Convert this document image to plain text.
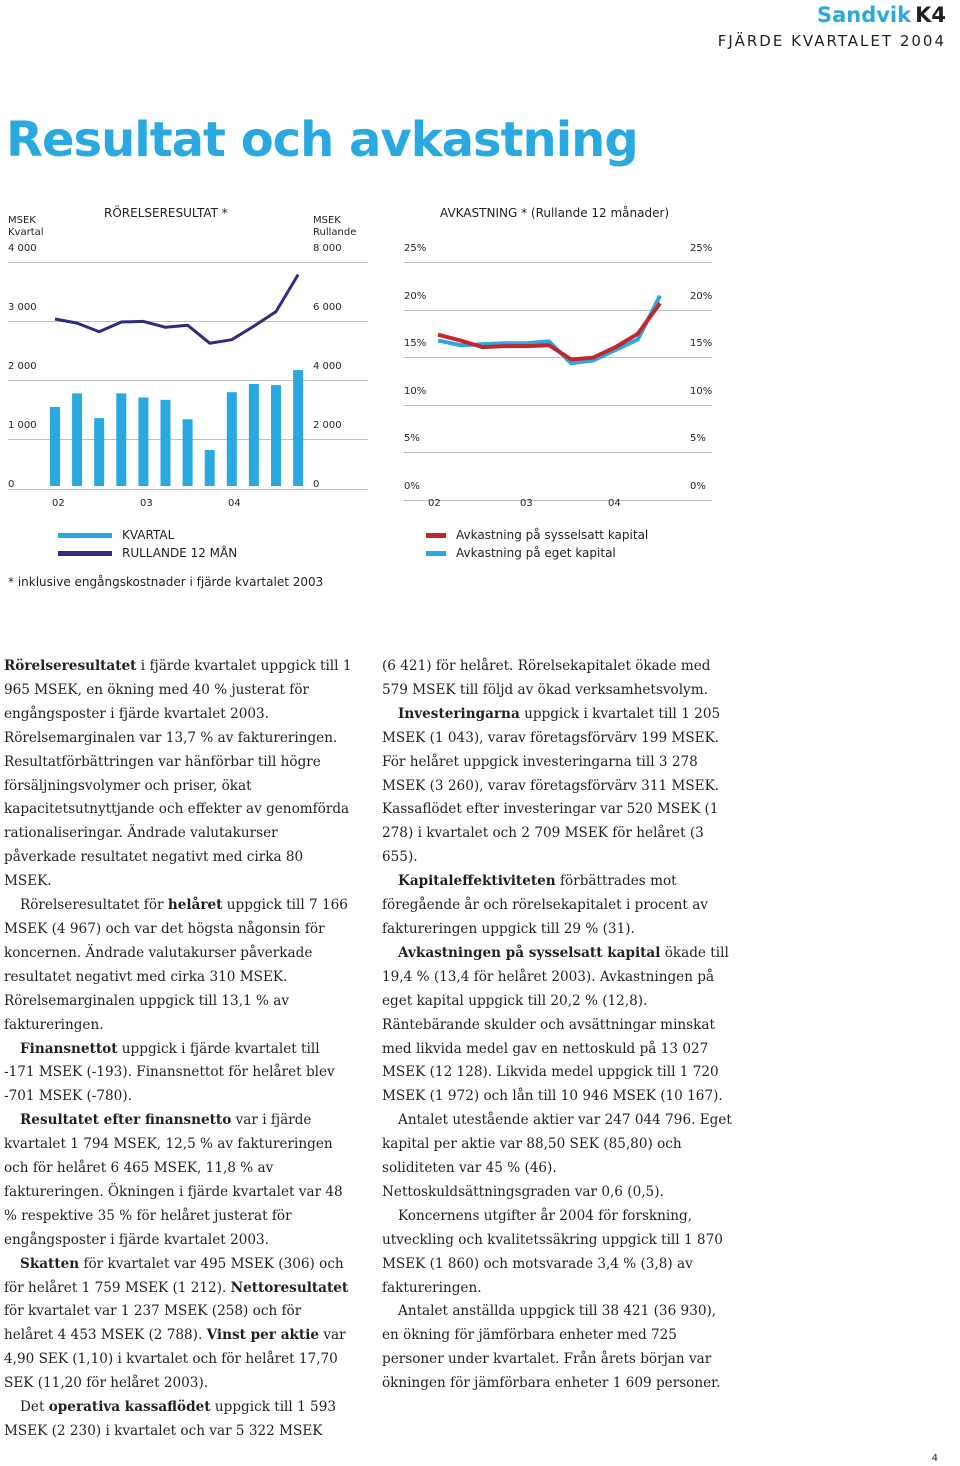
Sandvik K4
FJÄRDE KVARTALET 2004
Resultat och avkastning
MSEK
Kvartal
MSEK
Rullande
RÖRELSERESULTAT *
4 000	8 000
3 000	6 000
2 000	4 000
1 000	2 000
0	0
02	03	04
AVKASTNING * (Rullande 12 månader)
25%	25%
20%	20%
15%	15%
10%	10%
5%	5%
0%	0%
02	03	04
KVARTAL
RULLANDE 12 MÅN
Avkastning på sysselsatt kapital
Avkastning på eget kapital
* inklusive engångskostnader i fjärde kvartalet 2003

Rörelseresultatet i fjärde kvartalet uppgick till 1 965 MSEK, en ökning med 40 % justerat för engångsposter i fjärde kvartalet 2003. Rörelsemarginalen var 13,7 % av faktureringen. Resultatförbättringen var hänförbar till högre försäljningsvolymer och priser, ökat kapacitetsutnyttjande och effekter av genomförda rationaliseringar. Ändrade valutakurser påverkade resultatet negativt med cirka 80 MSEK.

Rörelseresultatet för helåret uppgick till 7 166 MSEK (4 967) och var det högsta någonsin för koncernen. Ändrade valutakurser påverkade resultatet negativt med cirka 310 MSEK. Rörelsemarginalen uppgick till 13,1 % av faktureringen.

Finansnettot uppgick i fjärde kvartalet till -171 MSEK (-193). Finansnettot för helåret blev -701 MSEK (-780).

Resultatet efter finansnetto var i fjärde kvartalet 1 794 MSEK, 12,5 % av faktureringen och för helåret 6 465 MSEK, 11,8 % av faktureringen. Ökningen i fjärde kvartalet var 48 % respektive 35 % för helåret justerat för engångsposter i fjärde kvartalet 2003.

Skatten för kvartalet var 495 MSEK (306) och för helåret 1 759 MSEK (1 212). Nettoresultatet för kvartalet var 1 237 MSEK (258) och för helåret 4 453 MSEK (2 788). Vinst per aktie var 4,90 SEK (1,10) i kvartalet och för helåret 17,70 SEK (11,20 för helåret 2003).

Det operativa kassaflödet uppgick till 1 593 MSEK (2 230) i kvartalet och var 5 322 MSEK

(6 421) för helåret. Rörelsekapitalet ökade med 579 MSEK till följd av ökad verksamhetsvolym.

Investeringarna uppgick i kvartalet till 1 205 MSEK (1 043), varav företagsförvärv 199 MSEK. För helåret uppgick investeringarna till 3 278 MSEK (3 260), varav företagsförvärv 311 MSEK. Kassaflödet efter investeringar var 520 MSEK (1 278) i kvartalet och 2 709 MSEK för helåret (3 655).

Kapitaleffektiviteten förbättrades mot föregående år och rörelsekapitalet i procent av faktureringen uppgick till 29 % (31).

Avkastningen på sysselsatt kapital ökade till 19,4 % (13,4 för helåret 2003). Avkastningen på eget kapital uppgick till 20,2 % (12,8). Räntebärande skulder och avsättningar minskat med likvida medel gav en nettoskuld på 13 027 MSEK (12 128). Likvida medel uppgick till 1 720 MSEK (1 972) och lån till 10 946 MSEK (10 167).

Antalet utestående aktier var 247 044 796. Eget kapital per aktie var 88,50 SEK (85,80) och soliditeten var 45 % (46). Nettoskuldsättningsgraden var 0,6 (0,5).

Koncernens utgifter år 2004 för forskning, utveckling och kvalitetssäkring uppgick till 1 870 MSEK (1 860) och motsvarade 3,4 % (3,8) av faktureringen.

Antalet anställda uppgick till 38 421 (36 930), en ökning för jämförbara enheter med 725 personer under kvartalet. Från årets början var ökningen för jämförbara enheter 1 609 personer.

4
